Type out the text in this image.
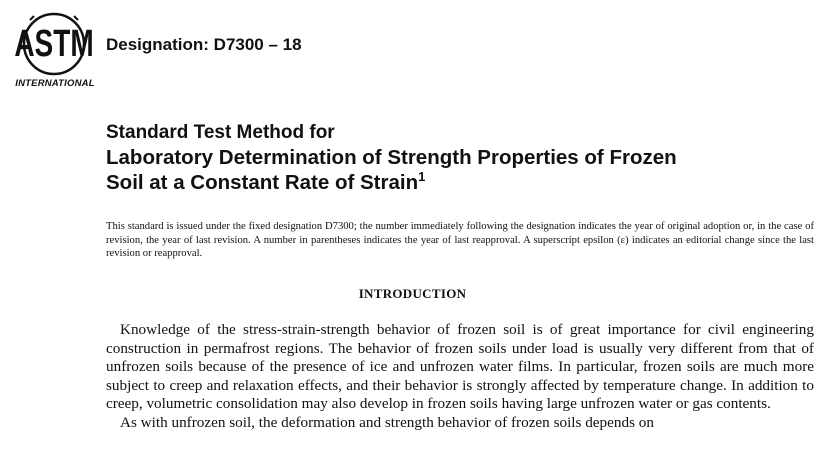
ASTM
INTERNATIONAL
Designation: D7300 – 18
Standard Test Method for
Laboratory Determination of Strength Properties of Frozen
Soil at a Constant Rate of Strain$^1$
This standard is issued under the fixed designation D7300; the number immediately following the designation indicates the year of original adoption or, in the case of revision, the year of last revision. A number in parentheses indicates the year of last reapproval. A superscript epsilon (ε) indicates an editorial change since the last revision or reapproval.
INTRODUCTION

Knowledge of the stress-strain-strength behavior of frozen soil is of great importance for civil engineering construction in permafrost regions. The behavior of frozen soils under load is usually very different from that of unfrozen soils because of the presence of ice and unfrozen water films. In particular, frozen soils are much more subject to creep and relaxation effects, and their behavior is strongly affected by temperature change. In addition to creep, volumetric consolidation may also develop in frozen soils having large unfrozen water or gas contents.

As with unfrozen soil, the deformation and strength behavior of frozen soils depends on
